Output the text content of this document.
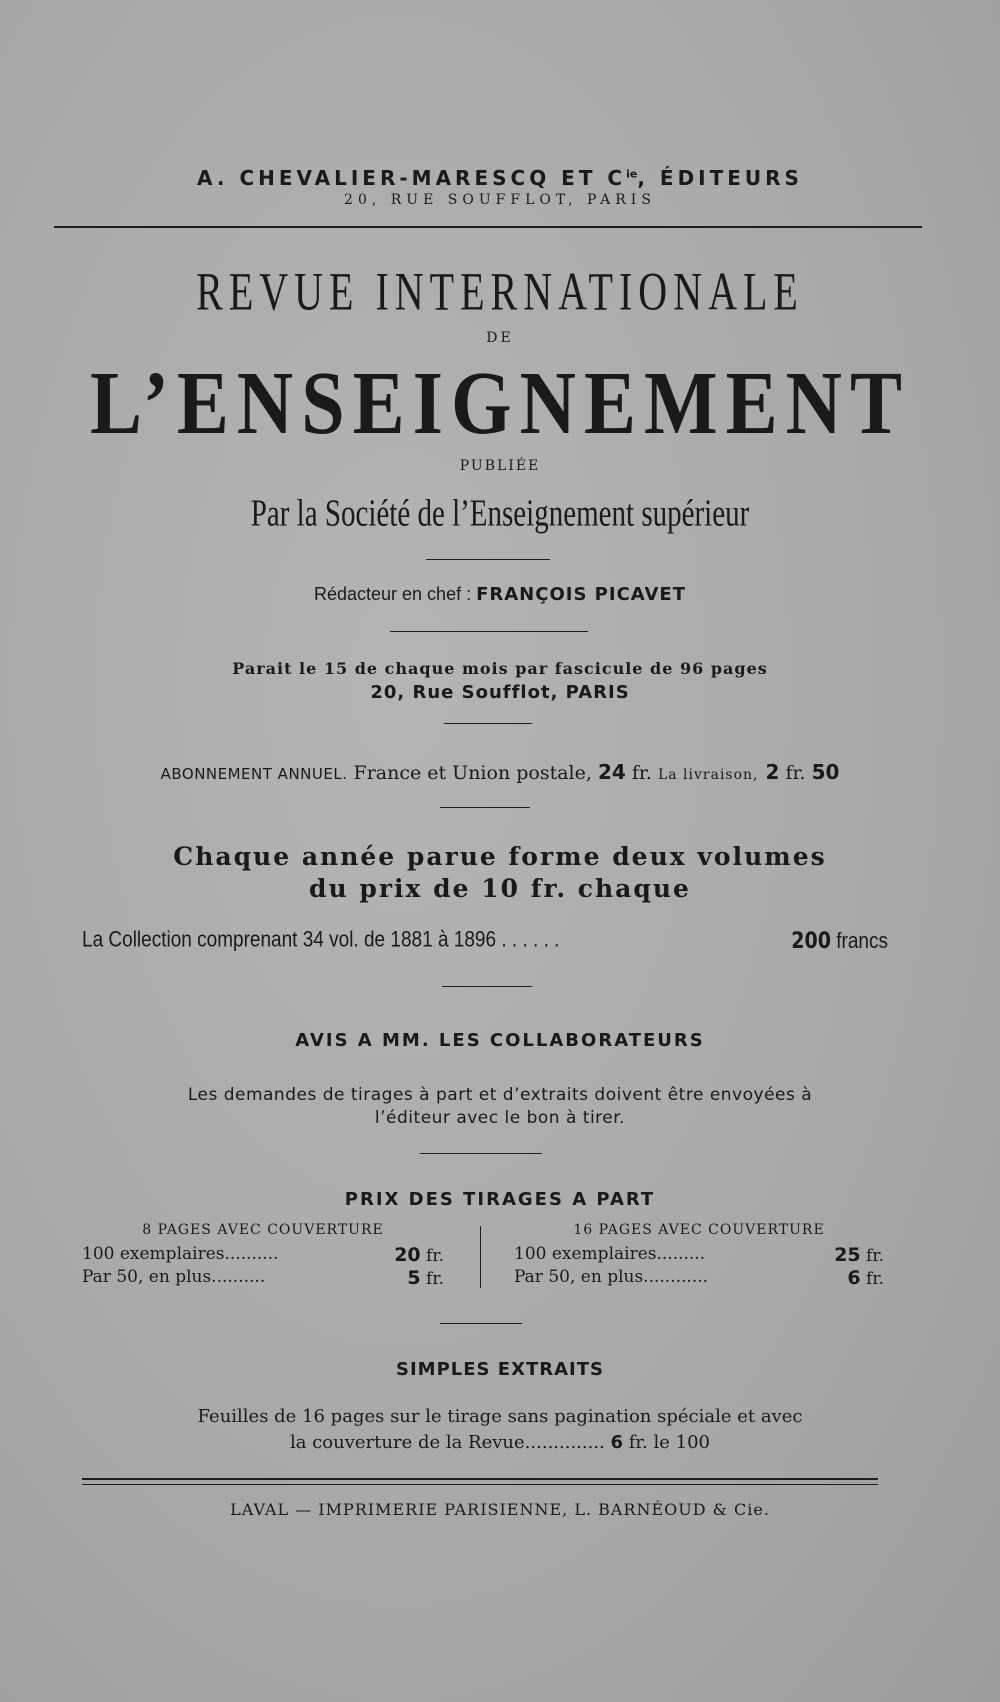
A. CHEVALIER-MARESCQ ET $C^{ie}$, ÉDITEURS
20, RUE SOUFFLOT, PARIS
REVUE INTERNATIONALE
DE
L’ENSEIGNEMENT
PUBLIÉE
Par la Société de l’Enseignement supérieur
Rédacteur en chef : FRANÇOIS PICAVET
Parait le 15 de chaque mois par fascicule de 96 pages
20, Rue Soufflot, PARIS
ABONNEMENT ANNUEL. France et Union postale, 24 fr. La livraison, 2 fr. 50
Chaque année parue forme deux volumes
du prix de 10 fr. chaque
La Collection comprenant 34 vol. de 1881 à 1896 . . . . . .	200 francs
AVIS A MM. LES COLLABORATEURS
Les demandes de tirages à part et d’extraits doivent être envoyées à
l’éditeur avec le bon à tirer.
PRIX DES TIRAGES A PART
8 PAGES AVEC COUVERTURE
100 exemplaires..........	20 fr.
Par 50, en plus..........	5 fr.
16 PAGES AVEC COUVERTURE
100 exemplaires.........	25 fr.
Par 50, en plus............	6 fr.
SIMPLES EXTRAITS
Feuilles de 16 pages sur le tirage sans pagination spéciale et avec
la couverture de la Revue.............. 6 fr. le 100
LAVAL — IMPRIMERIE PARISIENNE, L. BARNÉOUD & Cie.
